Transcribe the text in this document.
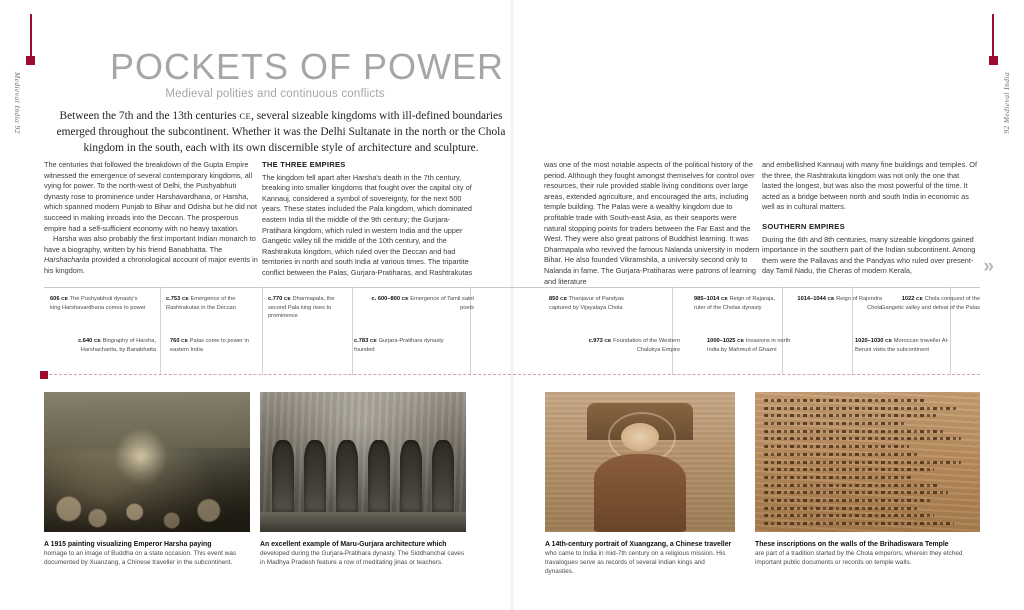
Medieval India 92	92 Medieval India
POCKETS OF POWER
Medieval polities and continuous conflicts
Between the 7th and the 13th centuries CE, several sizeable kingdoms with ill-defined boundaries emerged throughout the subcontinent. Whether it was the Delhi Sultanate in the north or the Chola kingdom in the south, each with its own discernible style of architecture and sculpture.

The centuries that followed the breakdown of the Gupta Empire witnessed the emergence of several contemporary kingdoms, all vying for power. To the north-west of Delhi, the Pushyabhuti dynasty rose to prominence under Harshavardhana, or Harsha, which spanned modern Punjab to Bihar and Odisha but he did not succeed in making inroads into the Deccan. The prosperous empire had a self-sufficient economy with no heavy taxation.

Harsha was also probably the first important Indian monarch to have a biography, written by his friend Banabhatta. The Harshacharita provided a chronological account of major events in his kingdom.

THE THREE EMPIRES

The kingdom fell apart after Harsha's death in the 7th century, breaking into smaller kingdoms that fought over the capital city of Kannauj, considered a symbol of sovereignty, for the next 500 years. These states included the Pala kingdom, which dominated eastern India till the middle of the 9th century; the Gurjara-Pratihara kingdom, which ruled in western India and the upper Gangetic valley till the middle of the 10th century, and the Rashtrakuta kingdom, which ruled over the Deccan and had territories in north and south India at various times. The tripartite conflict between the Palas, Gurjara-Pratiharas, and Rashtrakutas

was one of the most notable aspects of the political history of the period. Although they fought amongst themselves for control over resources, their rule provided stable living conditions over large areas, extended agriculture, and encouraged the arts, including temple building. The Palas were a wealthy kingdom due to profitable trade with South-east Asia, as their seaports were natural stopping points for traders between the Far East and the West. They were also great patrons of Buddhist learning. It was Dharmapala who revived the famous Nalanda university in modern Bihar. He also founded Vikramshila, a university second only to Nalanda in fame. The Gurjara-Pratiharas were patrons of learning and literature

and embellished Kannauj with many fine buildings and temples. Of the three, the Rashtrakuta kingdom was not only the one that lasted the longest, but was also the most powerful of the time. It acted as a bridge between north and south India in economic as well as in cultural matters.

SOUTHERN EMPIRES

During the 6th and 8th centuries, many sizeable kingdoms gained importance in the southern part of the Indian subcontinent. Among them were the Pallavas and the Pandyas who ruled over present-day Tamil Nadu, the Cheras of modern Kerala,	»
606 CE The Pushyabhuti dynasty's king Harshavardhana comes to power
c.640 CE Biography of Harsha, Harshacharita, by Banabhatta
c.753 CE Emergence of the Rashtrakutas in the Deccan
760 CE Palas come to power in eastern India
c.770 CE Dharmapala, the second Pala king rises to prominence
c.783 CE Gurjara-Pratihara dynasty founded
c. 600–800 CE Emergence of Tamil saint poets
850 CE Thanjavur of Pandyas captured by Vijayalaya Chola
c.973 CE Foundation of the Western Chalukya Empire
985–1014 CE Reign of Rajaraja, ruler of the Cholas dynasty
1000–1025 CE Invasions in north India by Mahmud of Ghazni
1014–1044 CE Reign of Rajendra Chola
1020–1030 CE Moroccan traveller Al-Beruni visits the subcontinent
1022 CE Chola conquest of the Gangetic valley and defeat of the Palas
A 1915 painting visualizing Emperor Harsha paying
homage to an image of Buddha on a state occasion. This event was documented by Xuanzang, a Chinese traveller in the subcontinent.
An excellent example of Maru-Gurjara architecture which
developed during the Gurjara-Pratihara dynasty. The Siddhanchal caves in Madhya Pradesh feature a row of meditating jinas or teachers.
A 14th-century portrait of Xuangzang, a Chinese traveller
who came to India in mid-7th century on a religious mission. His travalogues serve as records of several Indian kings and dynasties.
These inscriptions on the walls of the Brihadiswara Temple
are part of a tradition started by the Chola emperors, wherein they etched important public documents or records on temple walls.
